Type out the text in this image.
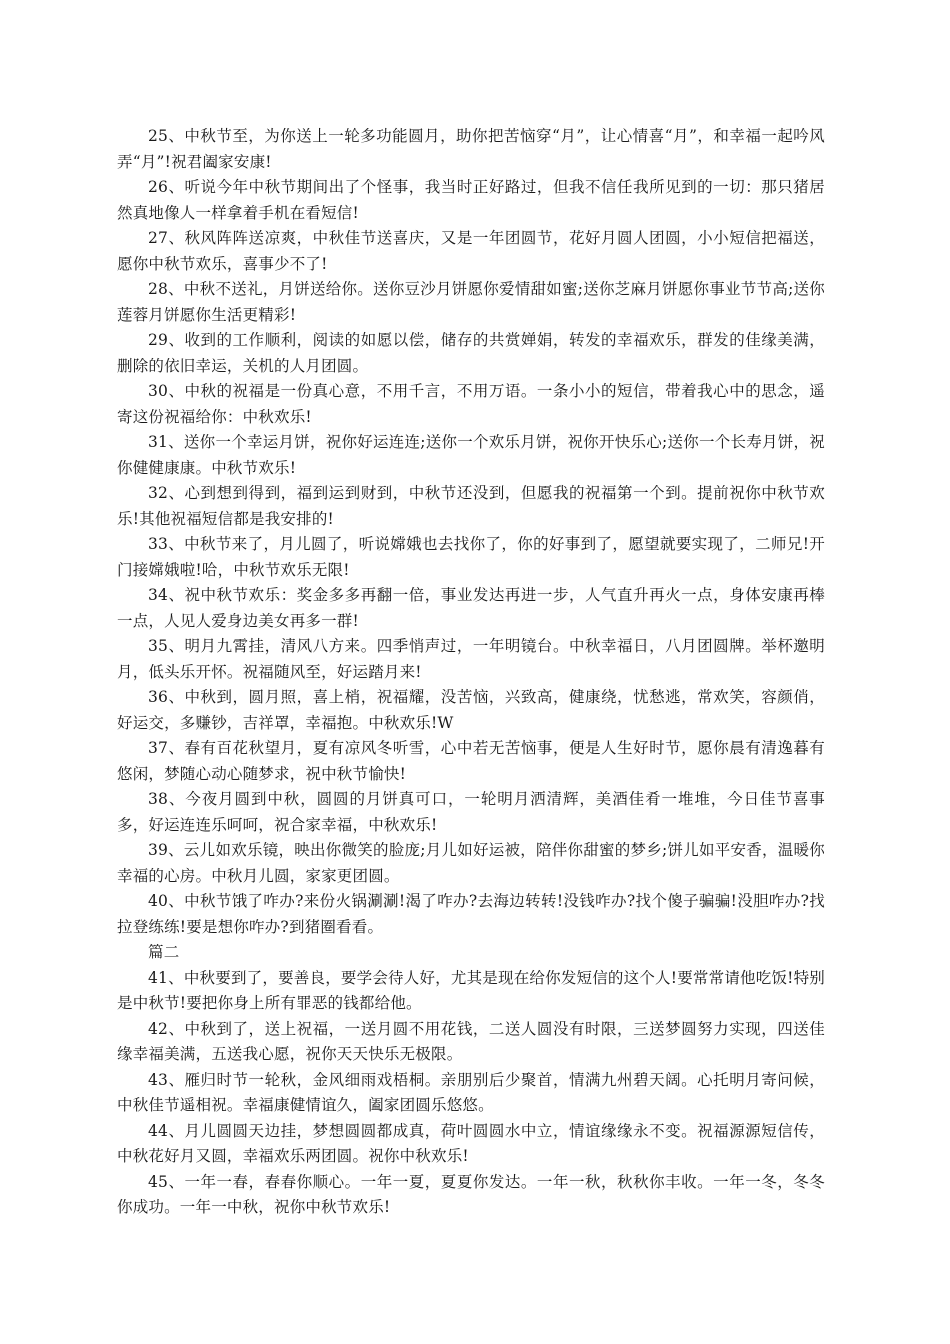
25、中秋节至，为你送上一轮多功能圆月，助你把苦恼穿“月”，让心情喜“月”，和幸福一起吟风弄“月”!祝君阖家安康!

26、听说今年中秋节期间出了个怪事，我当时正好路过，但我不信任我所见到的一切：那只猪居然真地像人一样拿着手机在看短信!

27、秋风阵阵送凉爽，中秋佳节送喜庆，又是一年团圆节，花好月圆人团圆，小小短信把福送，愿你中秋节欢乐，喜事少不了!

28、中秋不送礼，月饼送给你。送你豆沙月饼愿你爱情甜如蜜;送你芝麻月饼愿你事业节节高;送你莲蓉月饼愿你生活更精彩!

29、收到的工作顺利，阅读的如愿以偿，储存的共赏婵娟，转发的幸福欢乐，群发的佳缘美满，删除的依旧幸运，关机的人月团圆。

30、中秋的祝福是一份真心意，不用千言，不用万语。一条小小的短信，带着我心中的思念，遥寄这份祝福给你：中秋欢乐!

31、送你一个幸运月饼，祝你好运连连;送你一个欢乐月饼，祝你开快乐心;送你一个长寿月饼，祝你健健康康。中秋节欢乐!

32、心到想到得到，福到运到财到，中秋节还没到，但愿我的祝福第一个到。提前祝你中秋节欢乐!其他祝福短信都是我安排的!

33、中秋节来了，月儿圆了，听说嫦娥也去找你了，你的好事到了，愿望就要实现了，二师兄!开门接嫦娥啦!哈，中秋节欢乐无限!

34、祝中秋节欢乐：奖金多多再翻一倍，事业发达再进一步，人气直升再火一点，身体安康再棒一点，人见人爱身边美女再多一群!

35、明月九霄挂，清风八方来。四季悄声过，一年明镜台。中秋幸福日，八月团圆牌。举杯邀明月，低头乐开怀。祝福随风至，好运踏月来!

36、中秋到，圆月照，喜上梢，祝福耀，没苦恼，兴致高，健康绕，忧愁逃，常欢笑，容颜俏，好运交，多赚钞，吉祥罩，幸福抱。中秋欢乐!W

37、春有百花秋望月，夏有凉风冬听雪，心中若无苦恼事，便是人生好时节，愿你晨有清逸暮有悠闲，梦随心动心随梦求，祝中秋节愉快!

38、今夜月圆到中秋，圆圆的月饼真可口，一轮明月洒清辉，美酒佳肴一堆堆，今日佳节喜事多，好运连连乐呵呵，祝合家幸福，中秋欢乐!

39、云儿如欢乐镜，映出你微笑的脸庞;月儿如好运被，陪伴你甜蜜的梦乡;饼儿如平安香，温暖你幸福的心房。中秋月儿圆，家家更团圆。

40、中秋节饿了咋办?来份火锅涮涮!渴了咋办?去海边转转!没钱咋办?找个傻子骗骗!没胆咋办?找拉登练练!要是想你咋办?到猪圈看看。

篇二

41、中秋要到了，要善良，要学会待人好，尤其是现在给你发短信的这个人!要常常请他吃饭!特别是中秋节!要把你身上所有罪恶的钱都给他。

42、中秋到了，送上祝福，一送月圆不用花钱，二送人圆没有时限，三送梦圆努力实现，四送佳缘幸福美满，五送我心愿，祝你天天快乐无极限。

43、雁归时节一轮秋，金风细雨戏梧桐。亲朋别后少聚首，情满九州碧天阔。心托明月寄问候，中秋佳节遥相祝。幸福康健情谊久，阖家团圆乐悠悠。

44、月儿圆圆天边挂，梦想圆圆都成真，荷叶圆圆水中立，情谊缘缘永不变。祝福源源短信传，中秋花好月又圆，幸福欢乐两团圆。祝你中秋欢乐!

45、一年一春，春春你顺心。一年一夏，夏夏你发达。一年一秋，秋秋你丰收。一年一冬，冬冬你成功。一年一中秋，祝你中秋节欢乐!
